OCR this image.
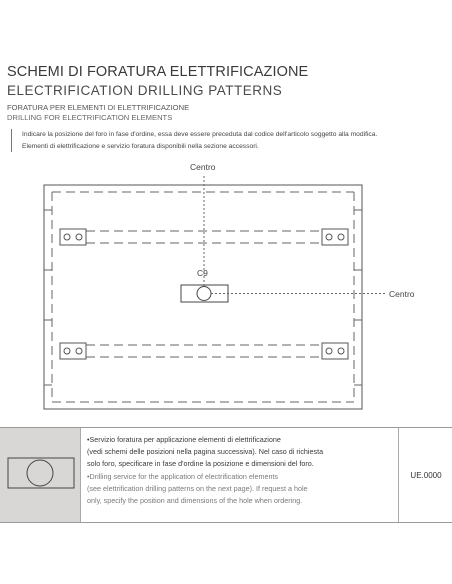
SCHEMI DI FORATURA ELETTRIFICAZIONE
ELECTRIFICATION DRILLING PATTERNS
FORATURA PER ELEMENTI DI ELETTRIFICAZIONE
DRILLING FOR ELECTRIFICATION ELEMENTS
Indicare la posizione del foro in fase d'ordine, essa deve essere preceduta dal codice dell'articolo soggetto alla modifica.
Elementi di elettrificazione e servizio foratura disponibili nella sezione accessori.
Centro
Centro
C9
•Servizio foratura per applicazione elementi di elettrificazione
(vedi schemi delle posizioni nella pagina successiva). Nel caso di richiesta
solo foro, specificare in fase d'ordine la posizione e dimensioni del foro.
•Drilling service for the application of electrification elements
(see elettrification drilling patterns on the next page). If request a hole
only, specify the position and dimensions of the hole when ordering.
UE.0000
